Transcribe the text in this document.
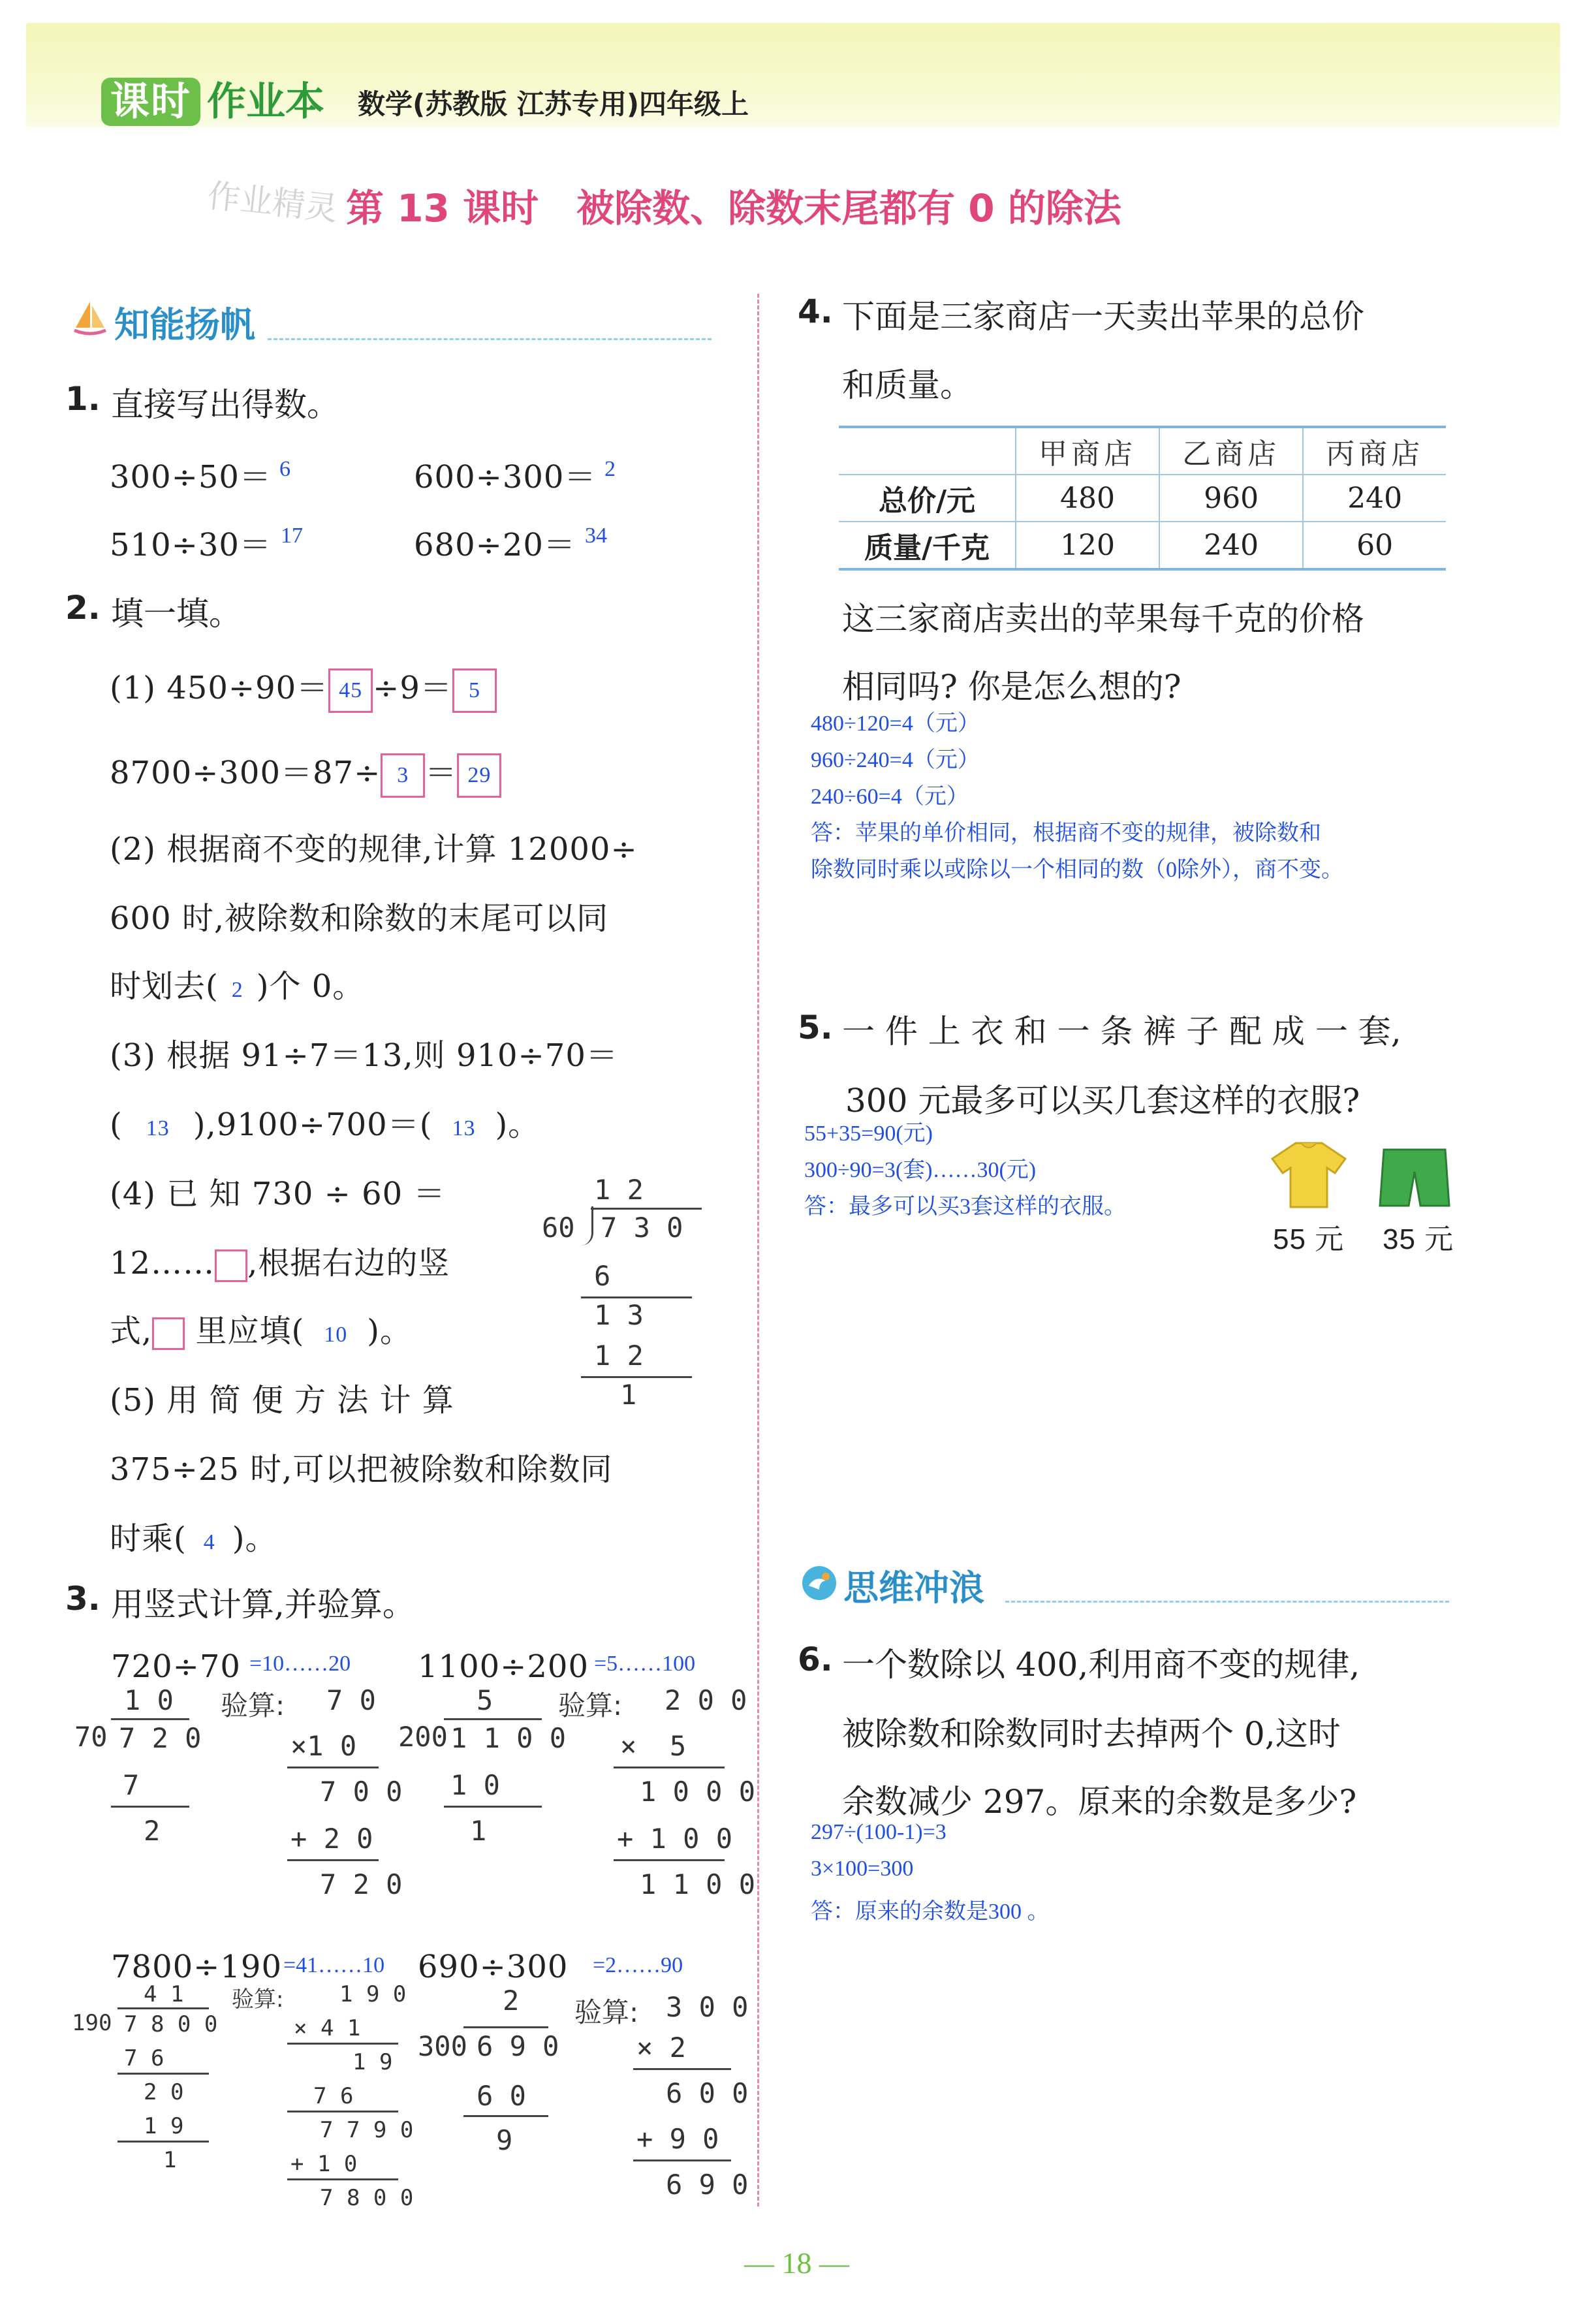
课时 作业本 数学(苏教版 江苏专用)四年级上
作业精灵 第 13 课时　被除数、除数末尾都有 0 的除法
知能扬帆
1. 直接写出得数。
300÷50＝ 6	600÷300＝ 2
510÷30＝ 17	680÷20＝ 34
2. 填一填。
(1) 450÷90＝ 45 ÷9＝ 5
8700÷300＝87÷ 3 ＝ 29
(2) 根据商不变的规律,计算 12000÷
600 时,被除数和除数的末尾可以同
时划去( 2 )个 0。
(3) 根据 91÷7＝13,则 910÷70＝
( 13 ),9100÷700＝( 13 )。
(4) 已 知 730 ÷ 60 ＝
12…… ,根据右边的竖
式, 里应填( 10 )。
1 2
60 7 3 0
6
1 3
1 2
1
(5) 用 简 便 方 法 计 算
375÷25 时,可以把被除数和除数同
时乘( 4 )。
3. 用竖式计算,并验算。
720÷70 =10……20
1 0
70 7 2 0
7
2
验算: 7 0
×1 0
7 0 0
+ 2 0
7 2 0
1100÷200 =5……100
5
200 1 1 0 0
1 0
1
验算: 2 0 0
×  5
1 0 0 0
+ 1 0 0
1 1 0 0
7800÷190 =41……10
4 1
190 7 8 0 0
7 6
2 0
1 9
1
验算:	1 9 0
× 4 1
1 9
7 6
7 7 9 0
+ 1 0
7 8 0 0
690÷300 =2……90
2
300 6 9 0
6 0
9
验算: 3 0 0
× 2
6 0 0
+ 9 0
6 9 0
4. 下面是三家商店一天卖出苹果的总价
和质量。
	甲商店	乙商店	丙商店
总价/元	480	960	240
质量/千克	120	240	60
这三家商店卖出的苹果每千克的价格
相同吗? 你是怎么想的?
480÷120=4（元）
960÷240=4（元）
240÷60=4（元）
答：苹果的单价相同，根据商不变的规律，被除数和
除数同时乘以或除以一个相同的数（0除外），商不变。
5. 一 件 上 衣 和 一 条 裤 子 配 成 一 套,
300 元最多可以买几套这样的衣服?
55+35=90(元)
300÷90=3(套)……30(元)
答：最多可以买3套这样的衣服。
55 元 35 元
思维冲浪
6. 一个数除以 400,利用商不变的规律,
被除数和除数同时去掉两个 0,这时
余数减少 297。原来的余数是多少?
297÷(100-1)=3
3×100=300
答：原来的余数是300 。
— 18 —
